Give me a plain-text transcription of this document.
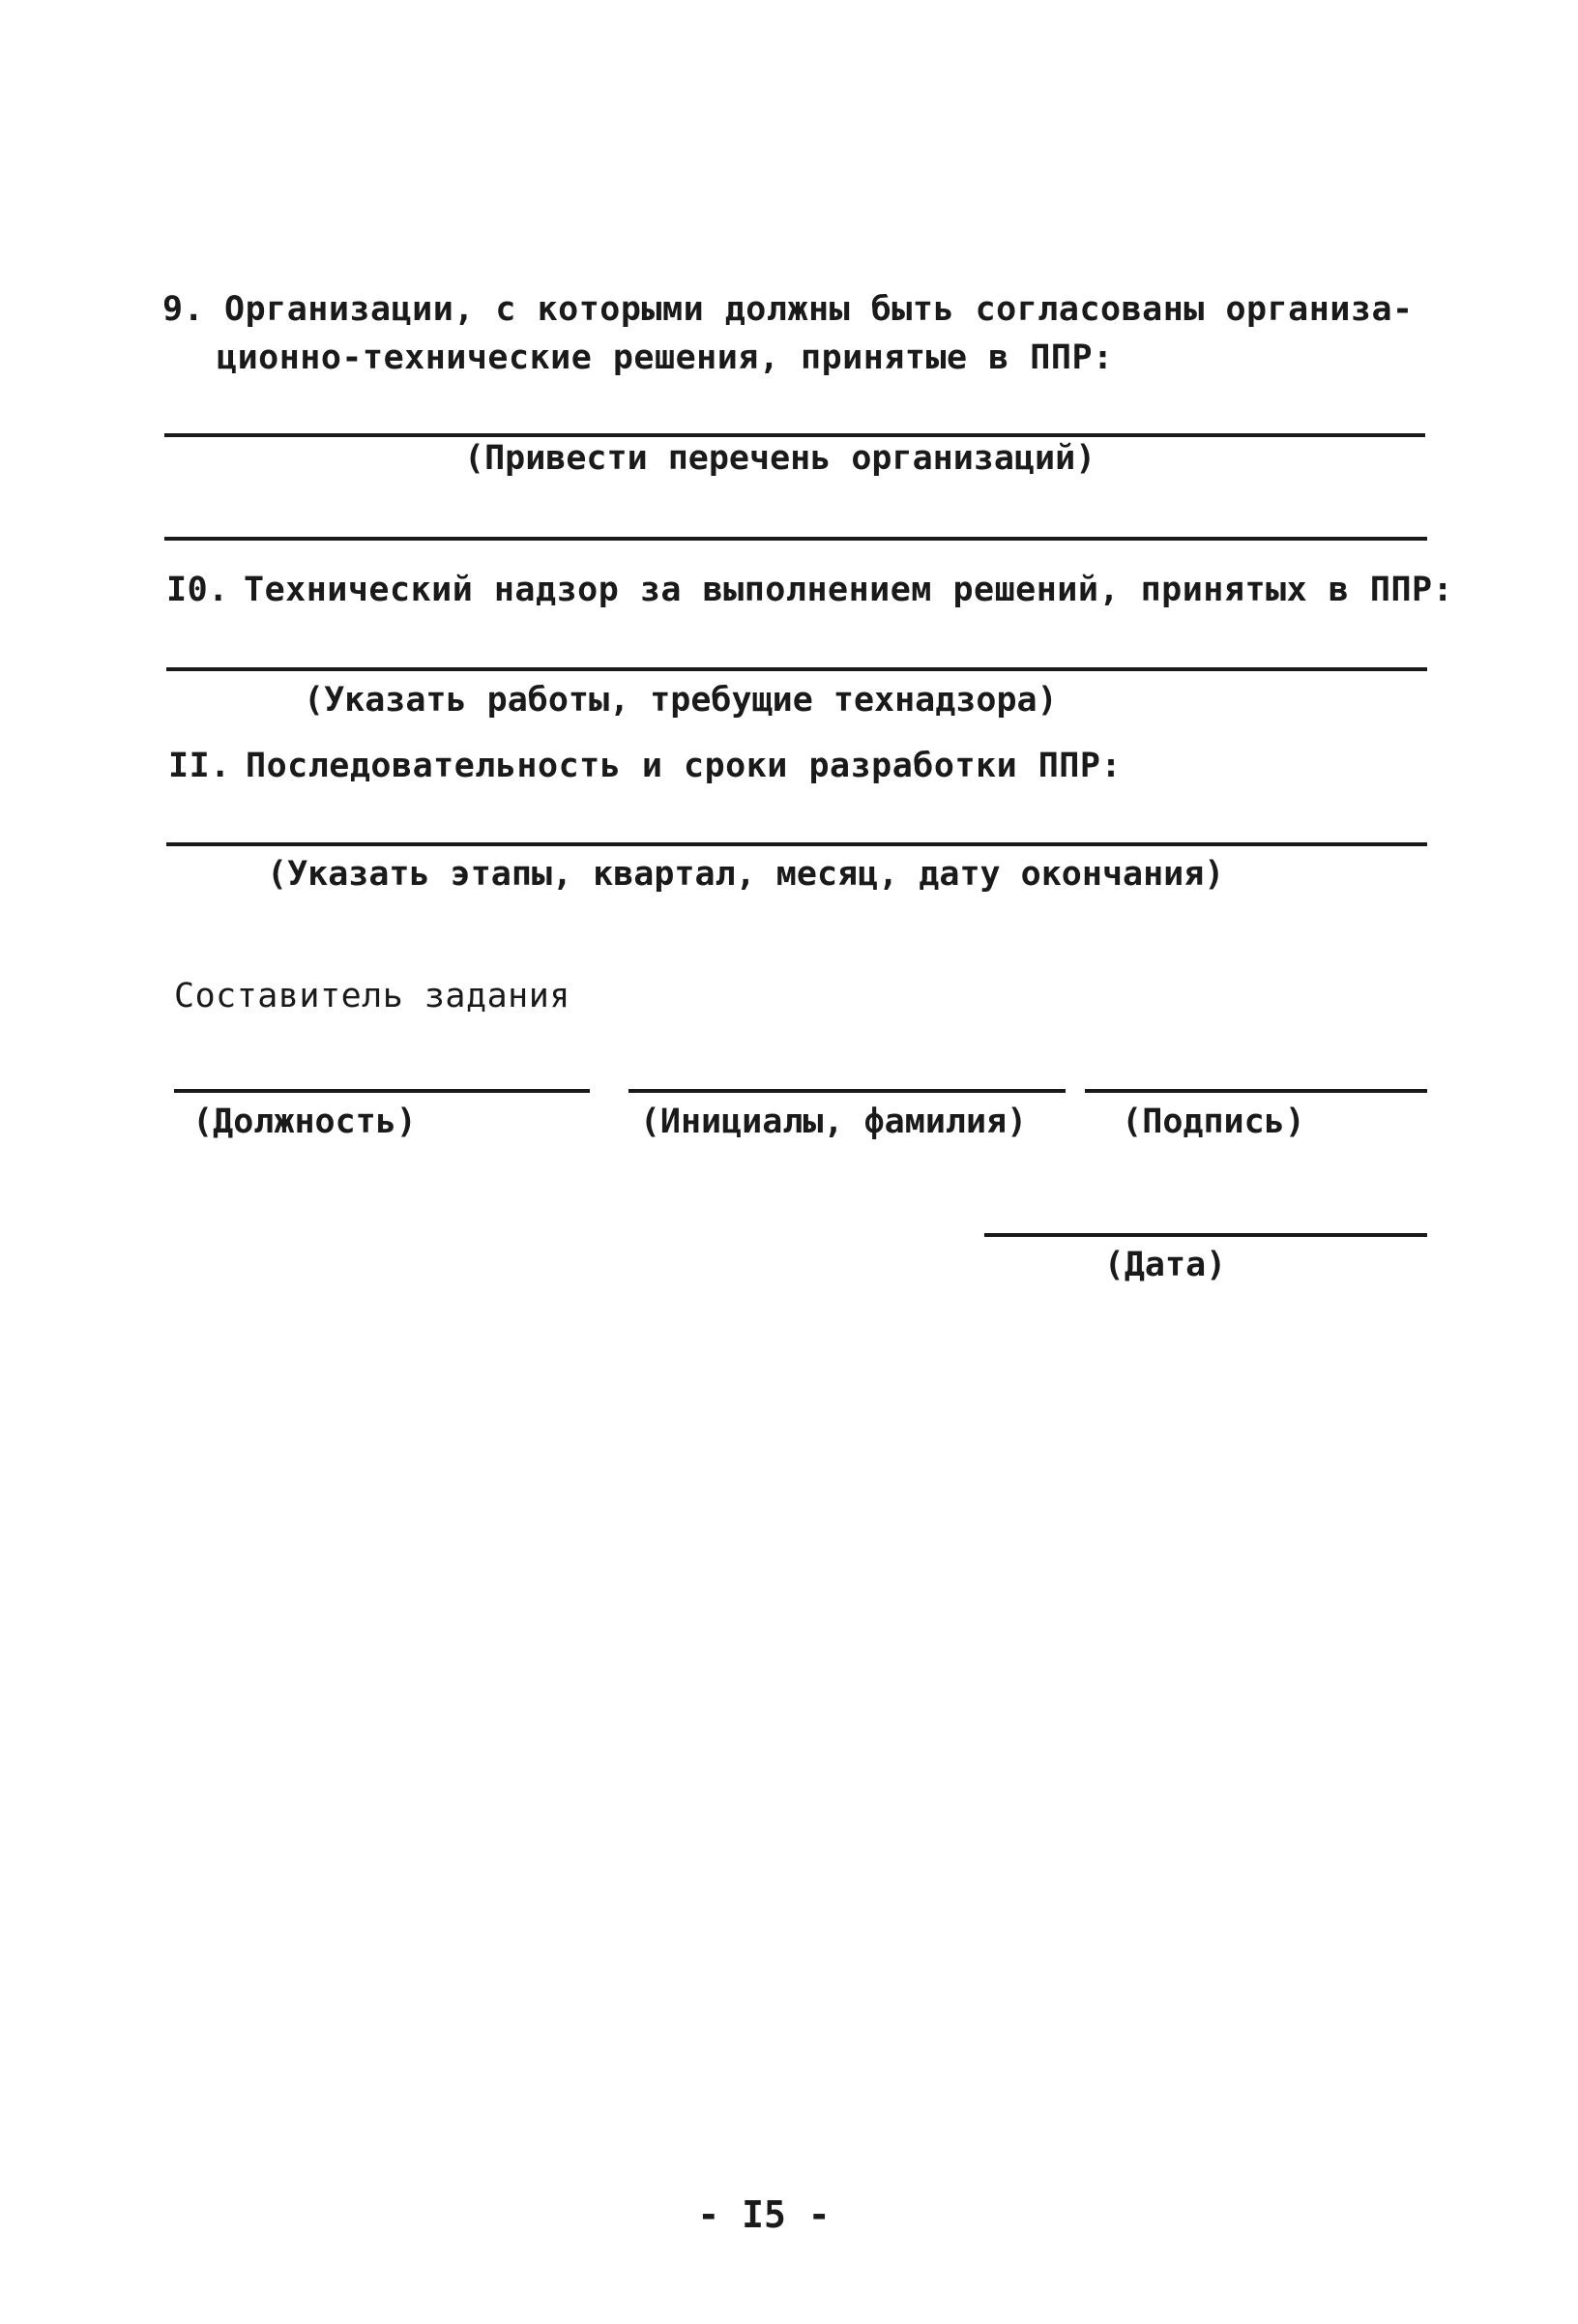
9. Организации, с которыми должны быть согласованы организа-
ционно-технические решения, принятые в ППР:
(Привести перечень организаций)
I0. Технический надзор за выполнением решений, принятых в ППР:
(Указать работы, требущие технадзора)
II. Последовательность и сроки разработки ППР:
(Указать этапы, квартал, месяц, дату окончания)
Составитель задания
(Должность)	(Инициалы, фамилия)	(Подпись)
(Дата)
- I5 -
